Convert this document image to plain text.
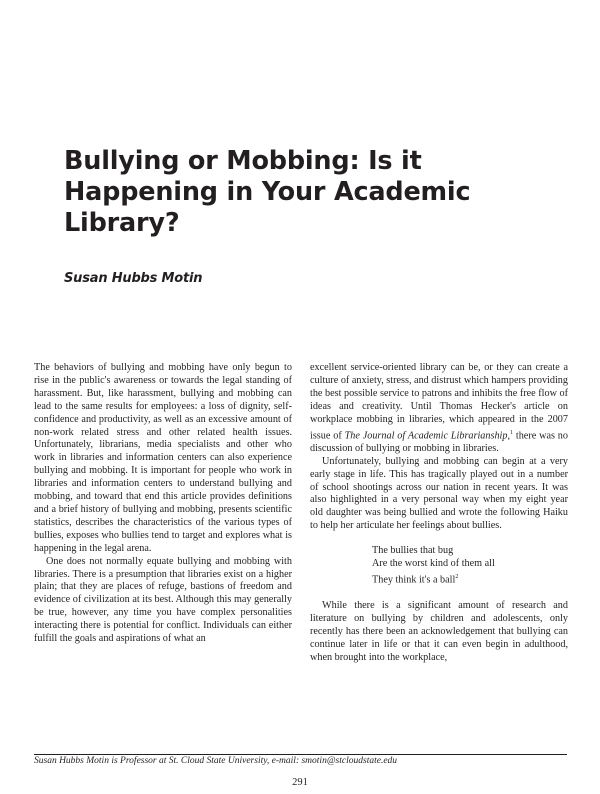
Bullying or Mobbing: Is it
Happening in Your Academic
Library?
Susan Hubbs Motin

The behaviors of bullying and mobbing have only begun to rise in the public's awareness or towards the legal standing of harassment. But, like harassment, bullying and mobbing can lead to the same results for employees: a loss of dignity, self-confidence and productivity, as well as an excessive amount of non-work related stress and other related health issues. Unfortunately, librarians, media specialists and other who work in libraries and information centers can also experience bullying and mobbing. It is important for people who work in libraries and information centers to understand bullying and mobbing, and toward that end this article provides definitions and a brief history of bullying and mobbing, presents scientific statistics, describes the characteristics of the various types of bullies, exposes who bullies tend to target and explores what is happening in the legal arena.

One does not normally equate bullying and mobbing with libraries. There is a presumption that libraries exist on a higher plain; that they are places of refuge, bastions of freedom and evidence of civilization at its best. Although this may generally be true, however, any time you have complex personalities interacting there is potential for conflict. Individuals can either fulfill the goals and aspirations of what an

excellent service-oriented library can be, or they can create a culture of anxiety, stress, and distrust which hampers providing the best possible service to patrons and inhibits the free flow of ideas and creativity. Until Thomas Hecker's article on workplace mobbing in libraries, which appeared in the 2007 issue of The Journal of Academic Librarianship,$^1$ there was no discussion of bullying or mobbing in libraries.

Unfortunately, bullying and mobbing can begin at a very early stage in life. This has tragically played out in a number of school shootings across our nation in recent years. It was also highlighted in a very personal way when my eight year old daughter was being bullied and wrote the following Haiku to help her articulate her feelings about bullies.

The bullies that bug
Are the worst kind of them all
They think it's a ball$^2$

While there is a significant amount of research and literature on bullying by children and adolescents, only recently has there been an acknowledgement that bullying can continue later in life or that it can even begin in adulthood, when brought into the workplace,

Susan Hubbs Motin is Professor at St. Cloud State University, e-mail: smotin@stcloudstate.edu
291
